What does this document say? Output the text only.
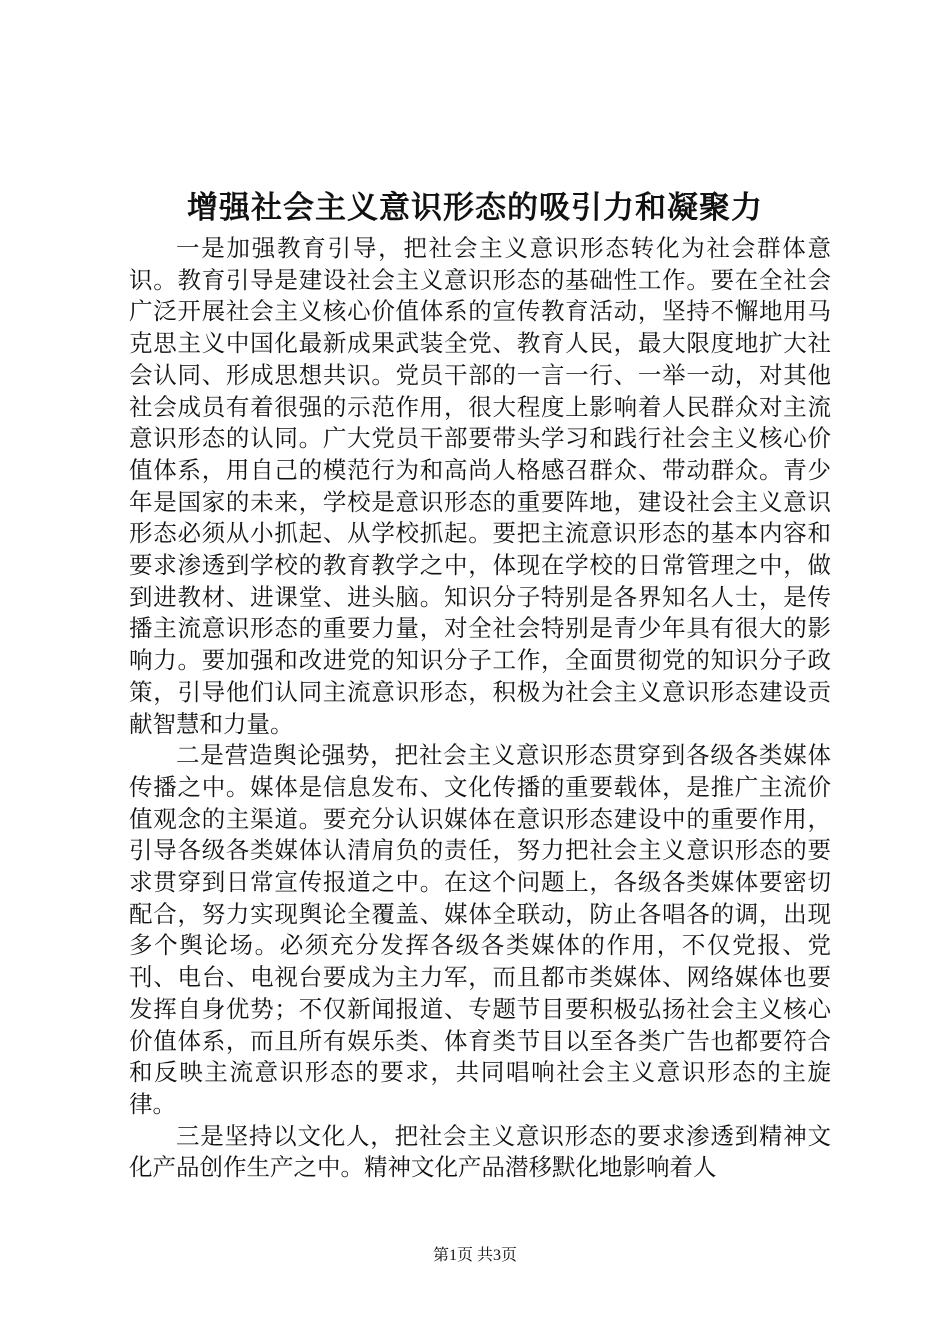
增强社会主义意识形态的吸引力和凝聚力

一是加强教育引导，把社会主义意识形态转化为社会群体意识。教育引导是建设社会主义意识形态的基础性工作。要在全社会广泛开展社会主义核心价值体系的宣传教育活动，坚持不懈地用马克思主义中国化最新成果武装全党、教育人民，最大限度地扩大社会认同、形成思想共识。党员干部的一言一行、一举一动，对其他社会成员有着很强的示范作用，很大程度上影响着人民群众对主流意识形态的认同。广大党员干部要带头学习和践行社会主义核心价值体系，用自己的模范行为和高尚人格感召群众、带动群众。青少年是国家的未来，学校是意识形态的重要阵地，建设社会主义意识形态必须从小抓起、从学校抓起。要把主流意识形态的基本内容和要求渗透到学校的教育教学之中，体现在学校的日常管理之中，做到进教材、进课堂、进头脑。知识分子特别是各界知名人士，是传播主流意识形态的重要力量，对全社会特别是青少年具有很大的影响力。要加强和改进党的知识分子工作，全面贯彻党的知识分子政策，引导他们认同主流意识形态，积极为社会主义意识形态建设贡献智慧和力量。

二是营造舆论强势，把社会主义意识形态贯穿到各级各类媒体传播之中。媒体是信息发布、文化传播的重要载体，是推广主流价值观念的主渠道。要充分认识媒体在意识形态建设中的重要作用，引导各级各类媒体认清肩负的责任，努力把社会主义意识形态的要求贯穿到日常宣传报道之中。在这个问题上，各级各类媒体要密切配合，努力实现舆论全覆盖、媒体全联动，防止各唱各的调，出现多个舆论场。必须充分发挥各级各类媒体的作用，不仅党报、党刊、电台、电视台要成为主力军，而且都市类媒体、网络媒体也要发挥自身优势；不仅新闻报道、专题节目要积极弘扬社会主义核心价值体系，而且所有娱乐类、体育类节目以至各类广告也都要符合和反映主流意识形态的要求，共同唱响社会主义意识形态的主旋律。

三是坚持以文化人，把社会主义意识形态的要求渗透到精神文化产品创作生产之中。精神文化产品潜移默化地影响着人

第1页 共3页
